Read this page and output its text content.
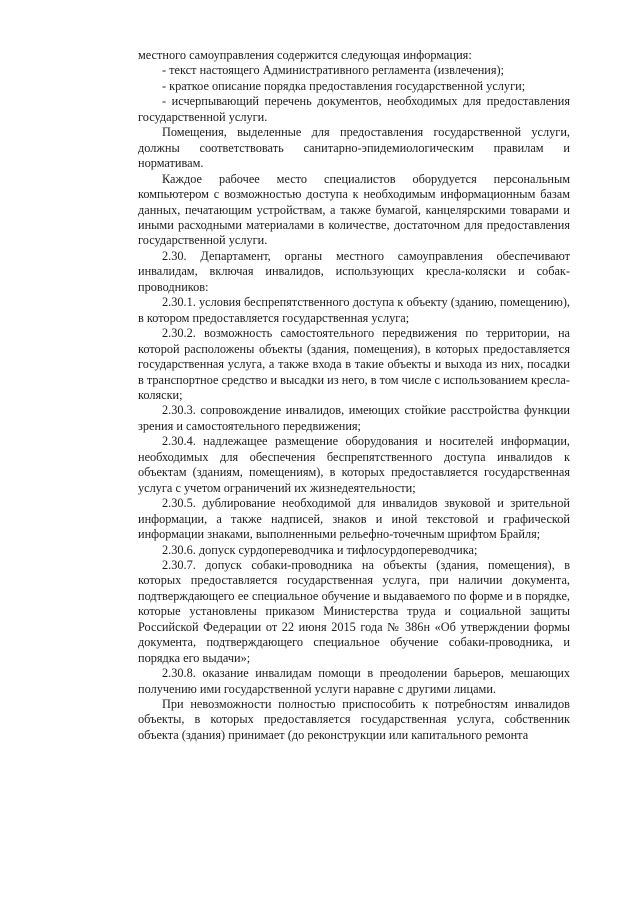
местного самоуправления содержится следующая информация:

- текст настоящего Административного регламента (извлечения);

- краткое описание порядка предоставления государственной услуги;

- исчерпывающий перечень документов, необходимых для предоставления государственной услуги.

Помещения, выделенные для предоставления государственной услуги, должны соответствовать санитарно-эпидемиологическим правилам и нормативам.

Каждое рабочее место специалистов оборудуется персональным компьютером с возможностью доступа к необходимым информационным базам данных, печатающим устройствам, а также бумагой, канцелярскими товарами и иными расходными материалами в количестве, достаточном для предоставления государственной услуги.

2.30. Департамент, органы местного самоуправления обеспечивают инвалидам, включая инвалидов, использующих кресла-коляски и собак-проводников:

2.30.1. условия беспрепятственного доступа к объекту (зданию, помещению), в котором предоставляется государственная услуга;

2.30.2. возможность самостоятельного передвижения по территории, на которой расположены объекты (здания, помещения), в которых предоставляется государственная услуга, а также входа в такие объекты и выхода из них, посадки в транспортное средство и высадки из него, в том числе с использованием кресла-коляски;

2.30.3. сопровождение инвалидов, имеющих стойкие расстройства функции зрения и самостоятельного передвижения;

2.30.4. надлежащее размещение оборудования и носителей информации, необходимых для обеспечения беспрепятственного доступа инвалидов к объектам (зданиям, помещениям), в которых предоставляется государственная услуга с учетом ограничений их жизнедеятельности;

2.30.5. дублирование необходимой для инвалидов звуковой и зрительной информации, а также надписей, знаков и иной текстовой и графической информации знаками, выполненными рельефно-точечным шрифтом Брайля;

2.30.6. допуск сурдопереводчика и тифлосурдопереводчика;

2.30.7. допуск собаки-проводника на объекты (здания, помещения), в которых предоставляется государственная услуга, при наличии документа, подтверждающего ее специальное обучение и выдаваемого по форме и в порядке, которые установлены приказом Министерства труда и социальной защиты Российской Федерации от 22 июня 2015 года № 386н «Об утверждении формы документа, подтверждающего специальное обучение собаки-проводника, и порядка его выдачи»;

2.30.8. оказание инвалидам помощи в преодолении барьеров, мешающих получению ими государственной услуги наравне с другими лицами.

При невозможности полностью приспособить к потребностям инвалидов объекты, в которых предоставляется государственная услуга, собственник объекта (здания) принимает (до реконструкции или капитального ремонта
